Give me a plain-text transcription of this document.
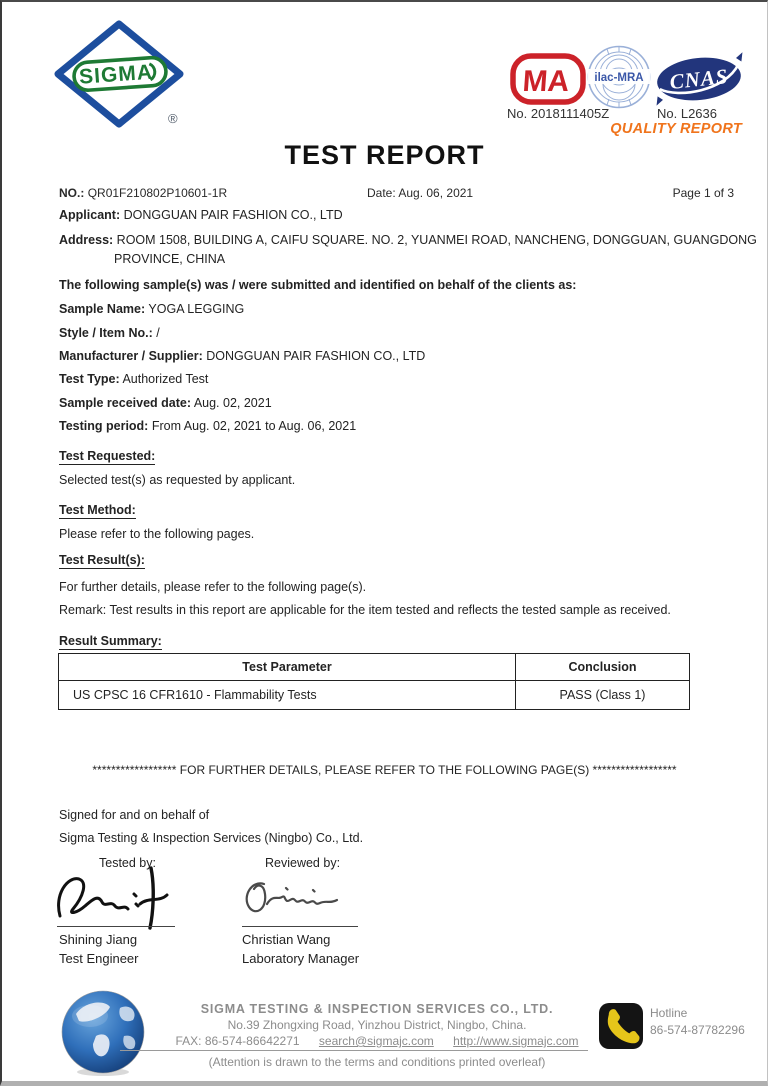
SIGMA
®
MA ilac-MRA CNAS
No. 2018111405Z	No. L2636
QUALITY REPORT
TEST REPORT
NO.: QR01F210802P10601-1R	Date: Aug. 06, 2021	Page 1 of 3
Applicant: DONGGUAN PAIR FASHION CO., LTD
Address: ROOM 1508, BUILDING A, CAIFU SQUARE. NO. 2, YUANMEI ROAD, NANCHENG, DONGGUAN, GUANGDONG
PROVINCE, CHINA
The following sample(s) was / were submitted and identified on behalf of the clients as:
Sample Name: YOGA LEGGING
Style / Item No.: /
Manufacturer / Supplier: DONGGUAN PAIR FASHION CO., LTD
Test Type: Authorized Test
Sample received date: Aug. 02, 2021
Testing period: From Aug. 02, 2021 to Aug. 06, 2021
Test Requested:
Selected test(s) as requested by applicant.
Test Method:
Please refer to the following pages.
Test Result(s):
For further details, please refer to the following page(s).
Remark: Test results in this report are applicable for the item tested and reflects the tested sample as received.
Result Summary:
Test Parameter	Conclusion
US CPSC 16 CFR1610 - Flammability Tests	PASS (Class 1)
****************** FOR FURTHER DETAILS, PLEASE REFER TO THE FOLLOWING PAGE(S) ******************
Signed for and on behalf of
Sigma Testing & Inspection Services (Ningbo) Co., Ltd.
Tested by:	Reviewed by:
Shining Jiang
Test Engineer
Christian Wang
Laboratory Manager
SIGMA TESTING & INSPECTION SERVICES CO., LTD.
No.39 Zhongxing Road, Yinzhou District, Ningbo, China.
FAX: 86-574-86642271 search@sigmajc.com http://www.sigmajc.com
(Attention is drawn to the terms and conditions printed overleaf)
Hotline
86-574-87782296
